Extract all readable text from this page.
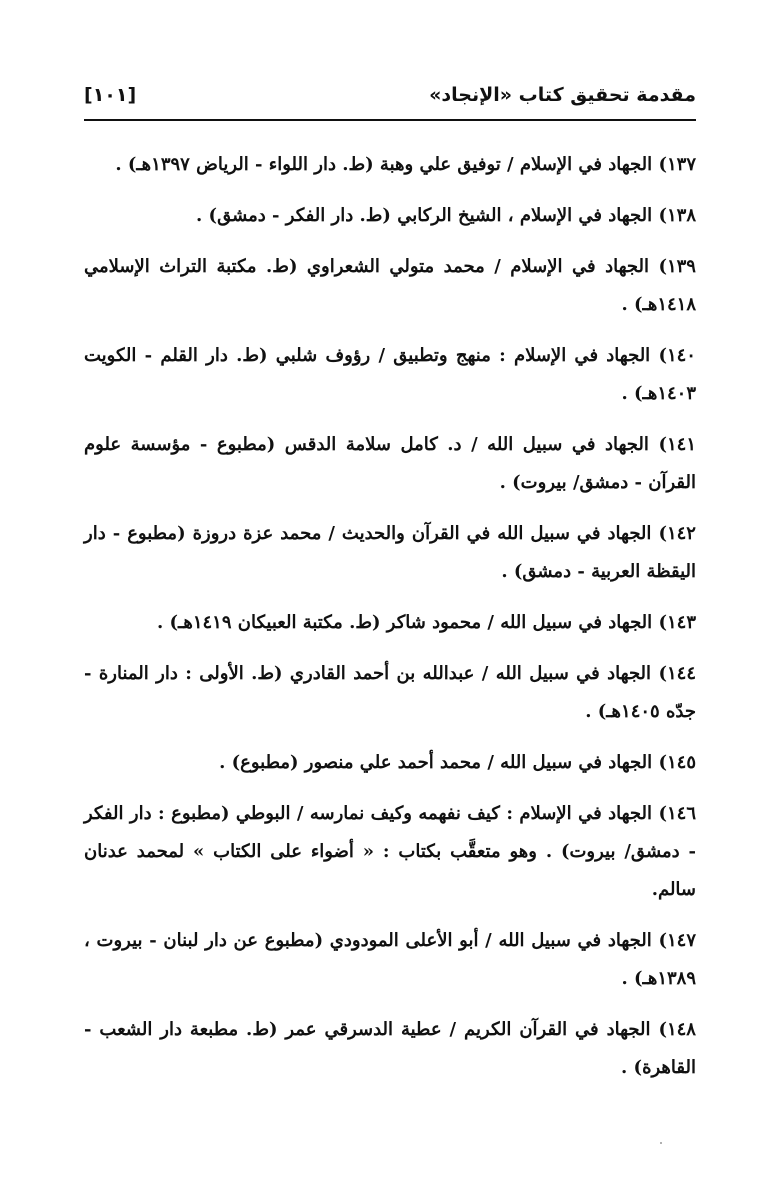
مقدمة تحقيق كتاب «الإنجاد»
[١٠١]
١٣٧) الجهاد في الإسلام / توفيق علي وهبة (ط. دار اللواء - الرياض ١٣٩٧هـ) .
١٣٨) الجهاد في الإسلام ، الشيخ الركابي (ط. دار الفكر - دمشق) .
١٣٩) الجهاد في الإسلام / محمد متولي الشعراوي (ط. مكتبة التراث الإسلامي ١٤١٨هـ) .
١٤٠) الجهاد في الإسلام : منهج وتطبيق / رؤوف شلبي (ط. دار القلم - الكويت ١٤٠٣هـ) .
١٤١) الجهاد في سبيل الله / د. كامل سلامة الدقس (مطبوع - مؤسسة علوم القرآن - دمشق/ بيروت) .
١٤٢) الجهاد في سبيل الله في القرآن والحديث / محمد عزة دروزة (مطبوع - دار اليقظة العربية - دمشق) .
١٤٣) الجهاد في سبيل الله / محمود شاكر (ط. مكتبة العبيكان ١٤١٩هـ) .
١٤٤) الجهاد في سبيل الله / عبدالله بن أحمد القادري (ط. الأولى : دار المنارة - جدّه ١٤٠٥هـ) .
١٤٥) الجهاد في سبيل الله / محمد أحمد علي منصور (مطبوع) .
١٤٦) الجهاد في الإسلام : كيف نفهمه وكيف نمارسه / البوطي (مطبوع : دار الفكر - دمشق/ بيروت) . وهو متعقَّب بكتاب : « أضواء على الكتاب » لمحمد عدنان سالم.
١٤٧) الجهاد في سبيل الله / أبو الأعلى المودودي (مطبوع عن دار لبنان - بيروت ، ١٣٨٩هـ) .
١٤٨) الجهاد في القرآن الكريم / عطية الدسرقي عمر (ط. مطبعة دار الشعب - القاهرة) .
